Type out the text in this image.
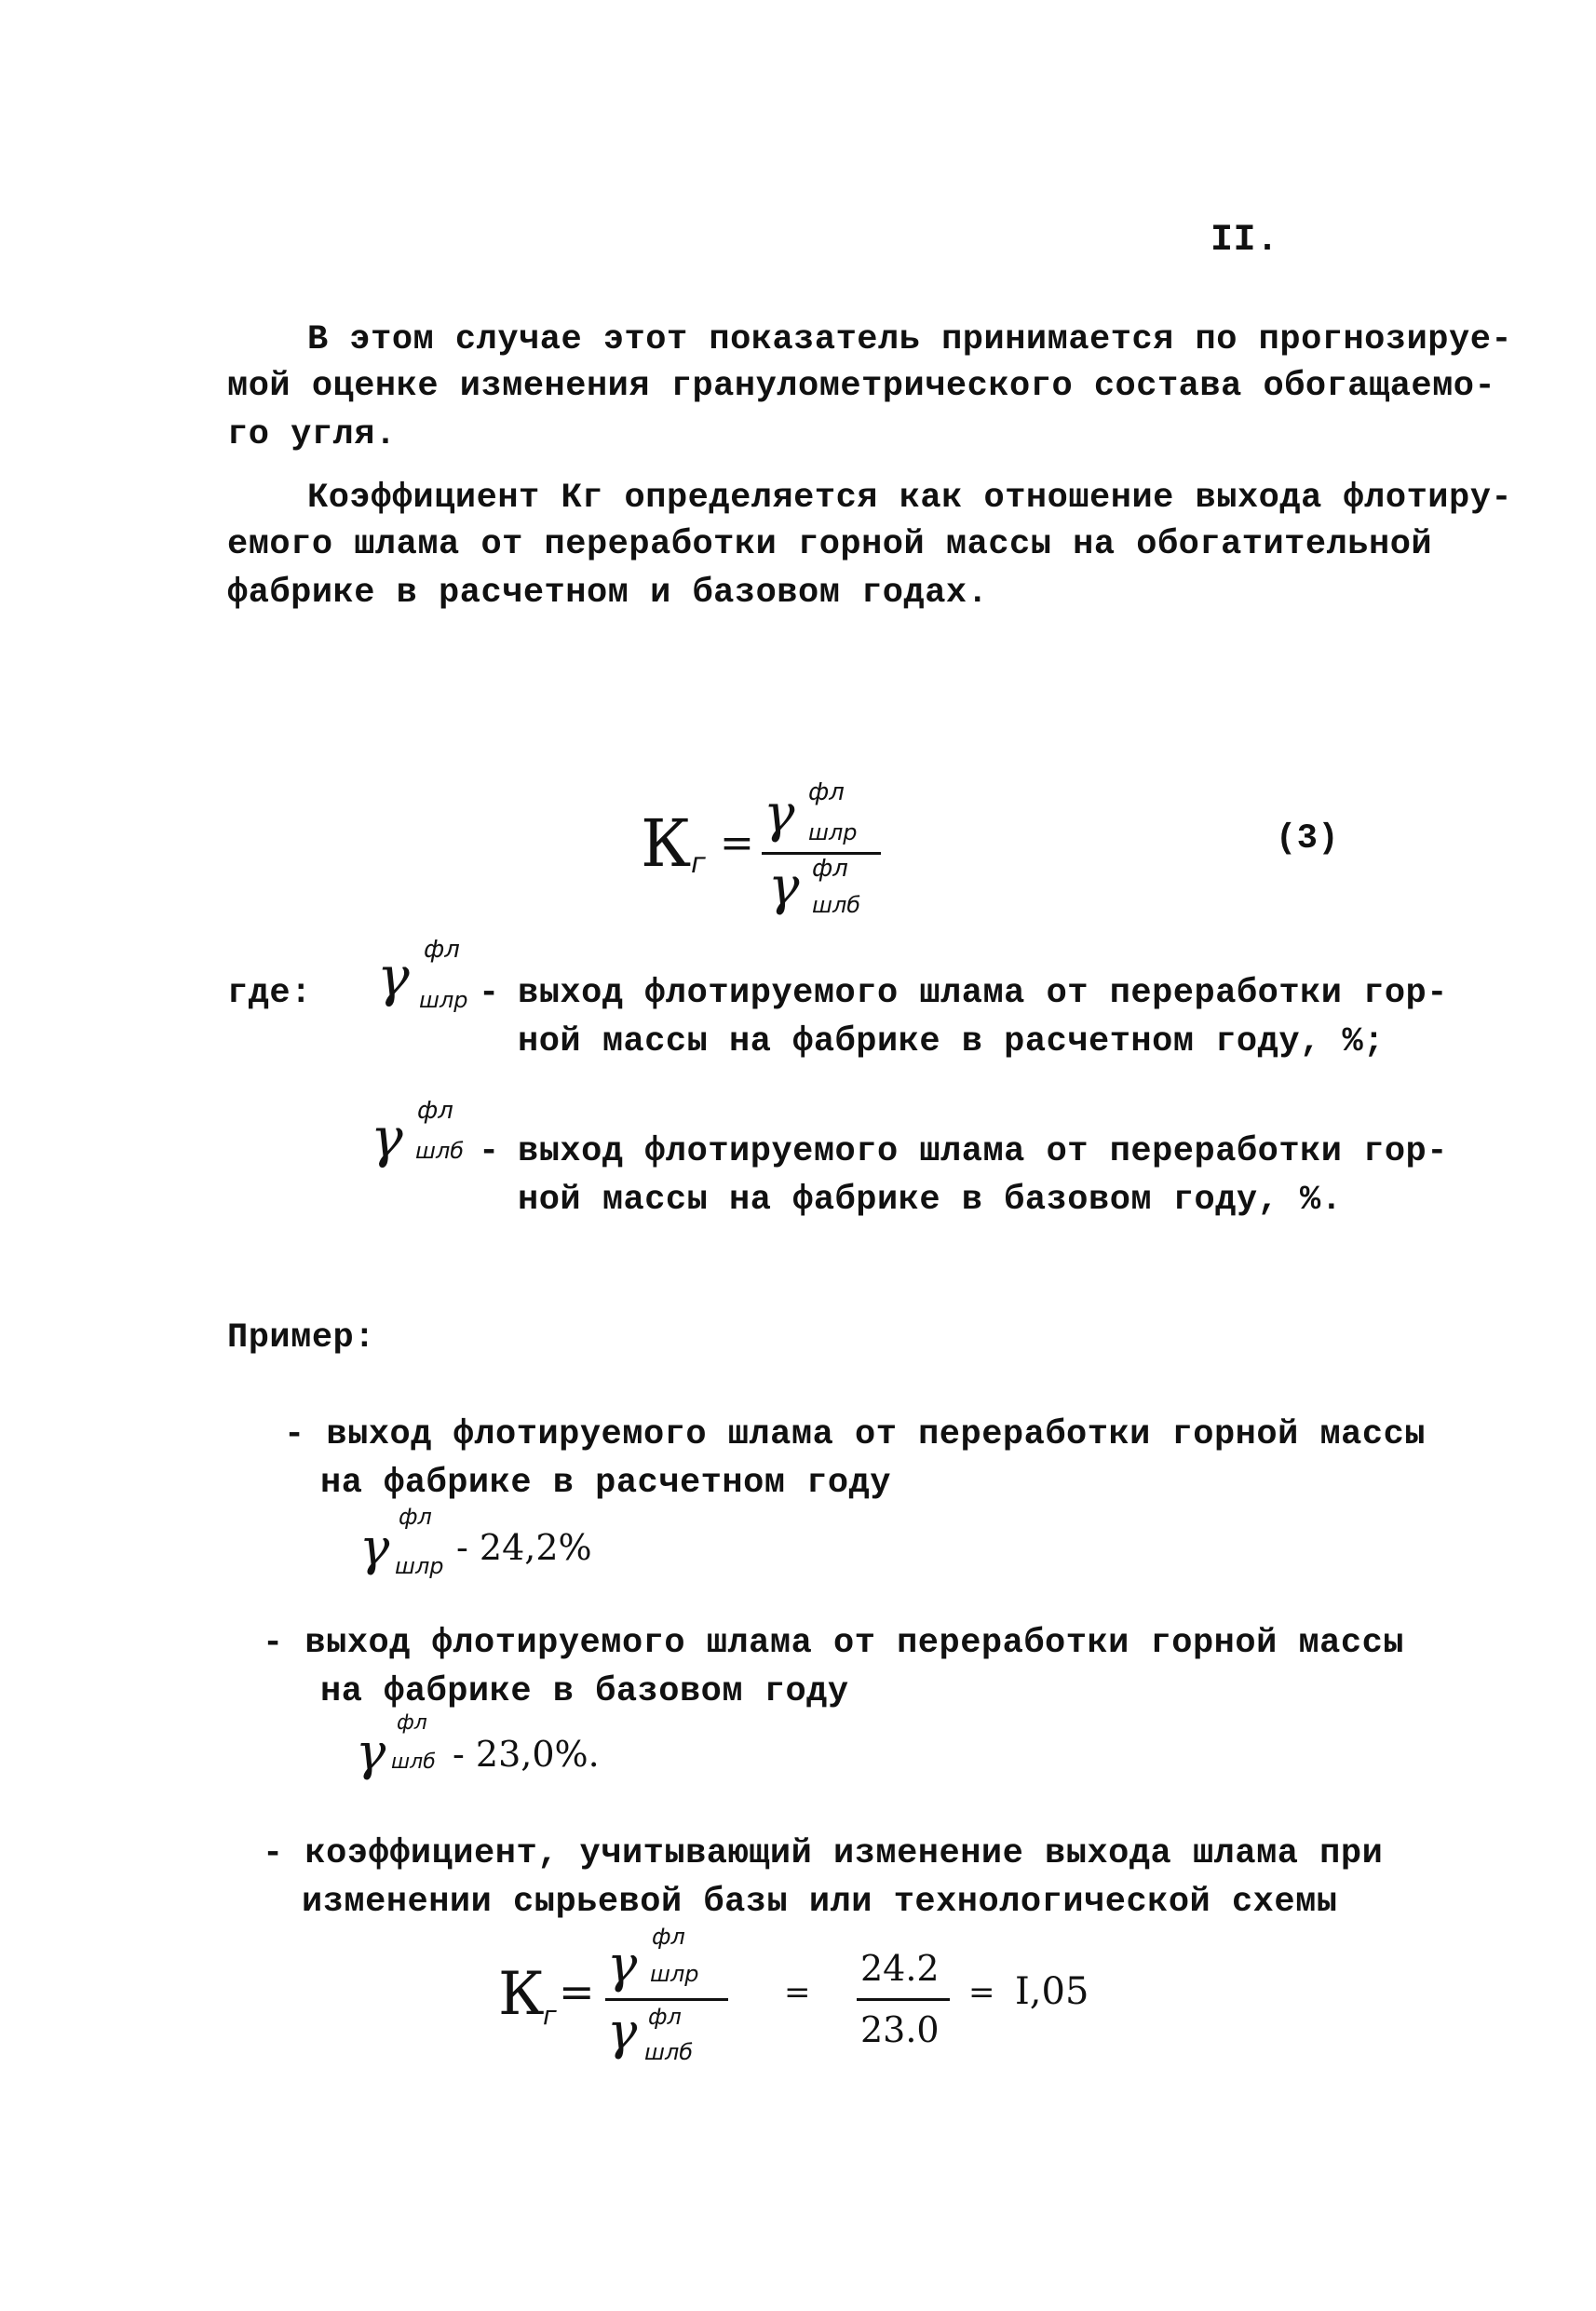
II.
В этом случае этот показатель принимается по прогнозируе-
мой оценке изменения гранулометрического состава обогащаемо-
го угля.
Коэффициент Кг определяется как отношение выхода флотиру-
емого шлама от переработки горной массы на обогатительной
фабрике в расчетном и базовом годах.
К г = γ фл
шлр
γ фл
шлб
(3)
где: γ фл
шлр - выход флотируемого шлама от переработки гор-
ной массы на фабрике в расчетном году, %;
γ фл
шлб - выход флотируемого шлама от переработки гор-
ной массы на фабрике в базовом году, %.
Пример:
- выход флотируемого шлама от переработки горной массы
на фабрике в расчетном году
γ
фл
шлр - 24,2%
- выход флотируемого шлама от переработки горной массы
на фабрике в базовом году
γ фл
шлб - 23,0%.
- коэффициент, учитывающий изменение выхода шлама при
изменении сырьевой базы или технологической схемы
К
г = γ фл
шлр
γ фл
шлб
=
24.2
23.0
= I,05
